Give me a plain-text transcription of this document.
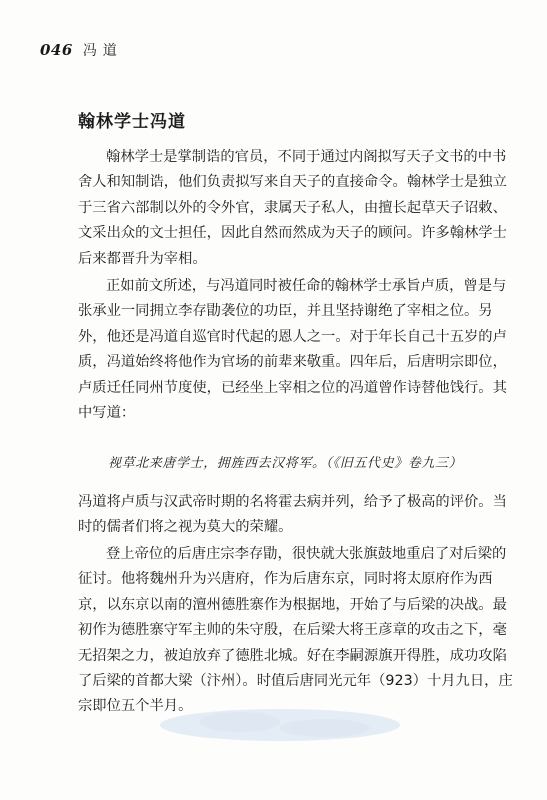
046 冯道
翰林学士冯道

翰林学士是掌制诰的官员，不同于通过内阁拟写天子文书的中书
舍人和知制诰，他们负责拟写来自天子的直接命令。翰林学士是独立
于三省六部制以外的令外官，隶属天子私人，由擅长起草天子诏敕、
文采出众的文士担任，因此自然而然成为天子的顾问。许多翰林学士
后来都晋升为宰相。

正如前文所述，与冯道同时被任命的翰林学士承旨卢质，曾是与
张承业一同拥立李存勖袭位的功臣，并且坚持谢绝了宰相之位。另
外，他还是冯道自巡官时代起的恩人之一。对于年长自己十五岁的卢
质，冯道始终将他作为官场的前辈来敬重。四年后，后唐明宗即位，
卢质迁任同州节度使，已经坐上宰相之位的冯道曾作诗替他饯行。其
中写道：

视草北来唐学士，拥旌西去汉将军。（《旧五代史》卷九三）

冯道将卢质与汉武帝时期的名将霍去病并列，给予了极高的评价。当
时的儒者们将之视为莫大的荣耀。

登上帝位的后唐庄宗李存勖，很快就大张旗鼓地重启了对后梁的
征讨。他将魏州升为兴唐府，作为后唐东京，同时将太原府作为西
京，以东京以南的澶州德胜寨作为根据地，开始了与后梁的决战。最
初作为德胜寨守军主帅的朱守殷，在后梁大将王彦章的攻击之下，毫
无招架之力，被迫放弃了德胜北城。好在李嗣源旗开得胜，成功攻陷
了后梁的首都大梁（汴州）。时值后唐同光元年（923）十月九日，庄
宗即位五个半月。
